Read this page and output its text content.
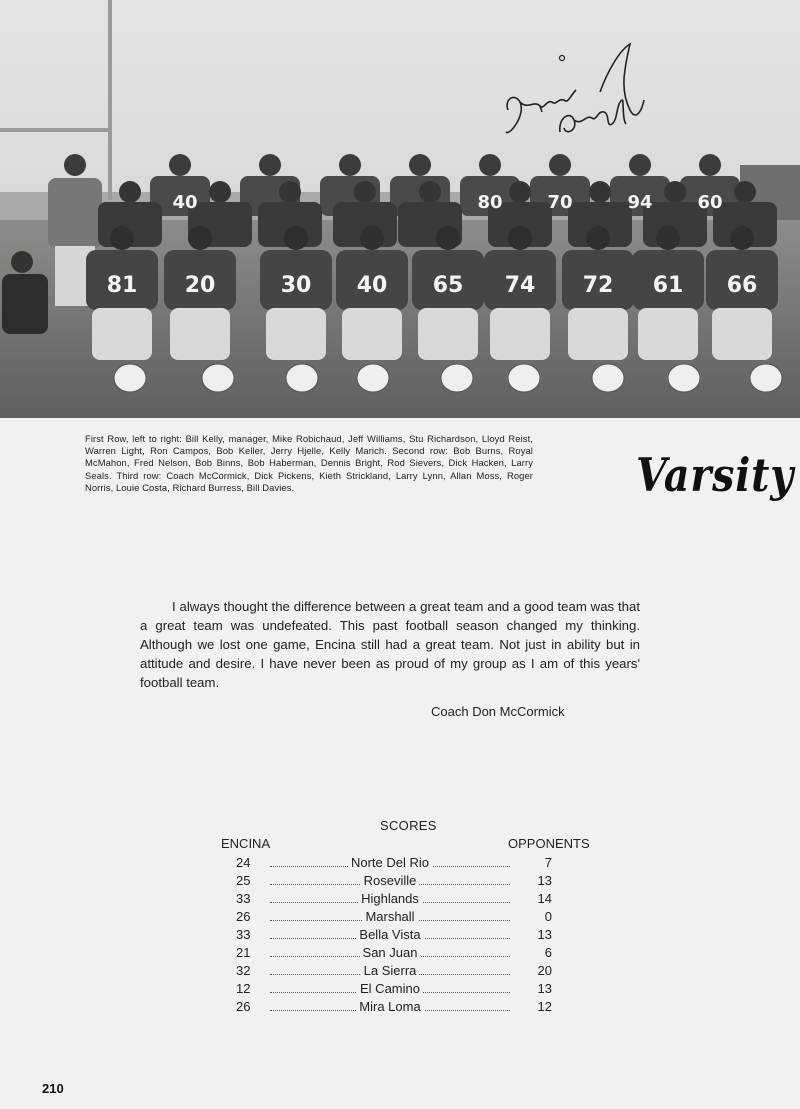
81 20	30 40 65 74 72 61 66
40	80 70	94 60
First Row, left to right: Bill Kelly, manager, Mike Robichaud, Jeff Williams, Stu Richardson, Lloyd Reist, Warren Light, Ron Campos, Bob Keller, Jerry Hjelle, Kelly Marich. Second row: Bob Burns, Royal McMahon, Fred Nelson, Bob Binns, Bob Haberman, Dennis Bright, Rod Sievers, Dick Hacken, Larry Seals. Third row: Coach McCormick, Dick Pickens, Kieth Strickland, Larry Lynn, Allan Moss, Roger Norris, Louie Costa, Richard Burress, Bill Davies.	Varsity

I always thought the difference between a great team and a good team was that a great team was undefeated. This past football season changed my thinking. Although we lost one game, Encina still had a great team. Not just in ability but in attitude and desire. I have never been as proud of my group as I am of this years' football team.

Coach Don McCormick
SCORES
ENCINA	OPPONENTS
24	Norte Del Rio	7
25	Roseville	13
33	Highlands	14
26	Marshall	0
33	Bella Vista	13
21	San Juan	6
32	La Sierra	20
12	El Camino	13
26	Mira Loma	12
210
